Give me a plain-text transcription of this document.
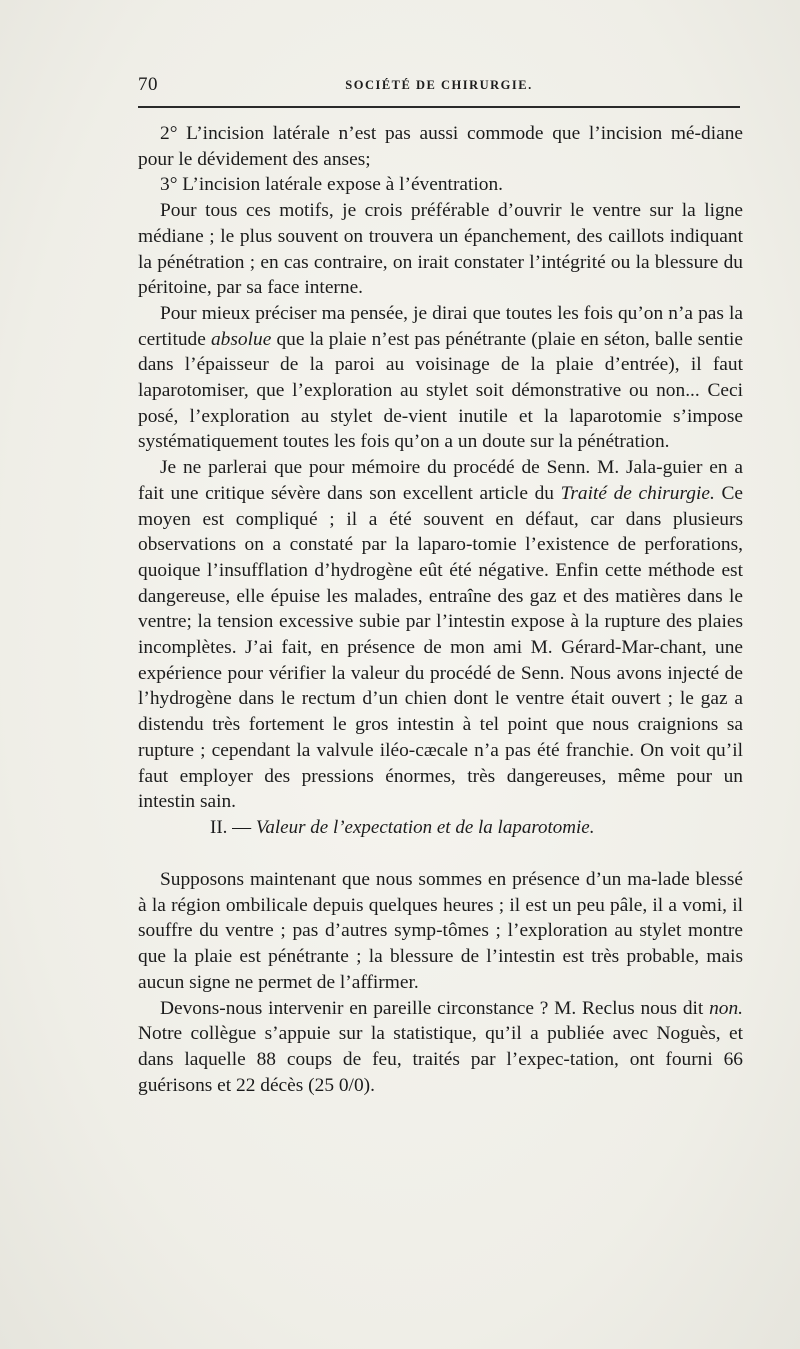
70	SOCIÉTÉ DE CHIRURGIE.

2° L’incision latérale n’est pas aussi commode que l’incision mé-diane pour le dévidement des anses;

3° L’incision latérale expose à l’éventration.

Pour tous ces motifs, je crois préférable d’ouvrir le ventre sur la ligne médiane ; le plus souvent on trouvera un épanchement, des caillots indiquant la pénétration ; en cas contraire, on irait constater l’intégrité ou la blessure du péritoine, par sa face interne.

Pour mieux préciser ma pensée, je dirai que toutes les fois qu’on n’a pas la certitude absolue que la plaie n’est pas pénétrante (plaie en séton, balle sentie dans l’épaisseur de la paroi au voisinage de la plaie d’entrée), il faut laparotomiser, que l’exploration au stylet soit démonstrative ou non... Ceci posé, l’exploration au stylet de-vient inutile et la laparotomie s’impose systématiquement toutes les fois qu’on a un doute sur la pénétration.

Je ne parlerai que pour mémoire du procédé de Senn. M. Jala-guier en a fait une critique sévère dans son excellent article du Traité de chirurgie. Ce moyen est compliqué ; il a été souvent en défaut, car dans plusieurs observations on a constaté par la laparo-tomie l’existence de perforations, quoique l’insufflation d’hydrogène eût été négative. Enfin cette méthode est dangereuse, elle épuise les malades, entraîne des gaz et des matières dans le ventre; la tension excessive subie par l’intestin expose à la rupture des plaies incomplètes. J’ai fait, en présence de mon ami M. Gérard-Mar-chant, une expérience pour vérifier la valeur du procédé de Senn. Nous avons injecté de l’hydrogène dans le rectum d’un chien dont le ventre était ouvert ; le gaz a distendu très fortement le gros intestin à tel point que nous craignions sa rupture ; cependant la valvule iléo-cæcale n’a pas été franchie. On voit qu’il faut employer des pressions énormes, très dangereuses, même pour un intestin sain.

II. — Valeur de l’expectation et de la laparotomie.

Supposons maintenant que nous sommes en présence d’un ma-lade blessé à la région ombilicale depuis quelques heures ; il est un peu pâle, il a vomi, il souffre du ventre ; pas d’autres symp-tômes ; l’exploration au stylet montre que la plaie est pénétrante ; la blessure de l’intestin est très probable, mais aucun signe ne permet de l’affirmer.

Devons-nous intervenir en pareille circonstance ? M. Reclus nous dit non. Notre collègue s’appuie sur la statistique, qu’il a publiée avec Noguès, et dans laquelle 88 coups de feu, traités par l’expec-tation, ont fourni 66 guérisons et 22 décès (25 0/0).
